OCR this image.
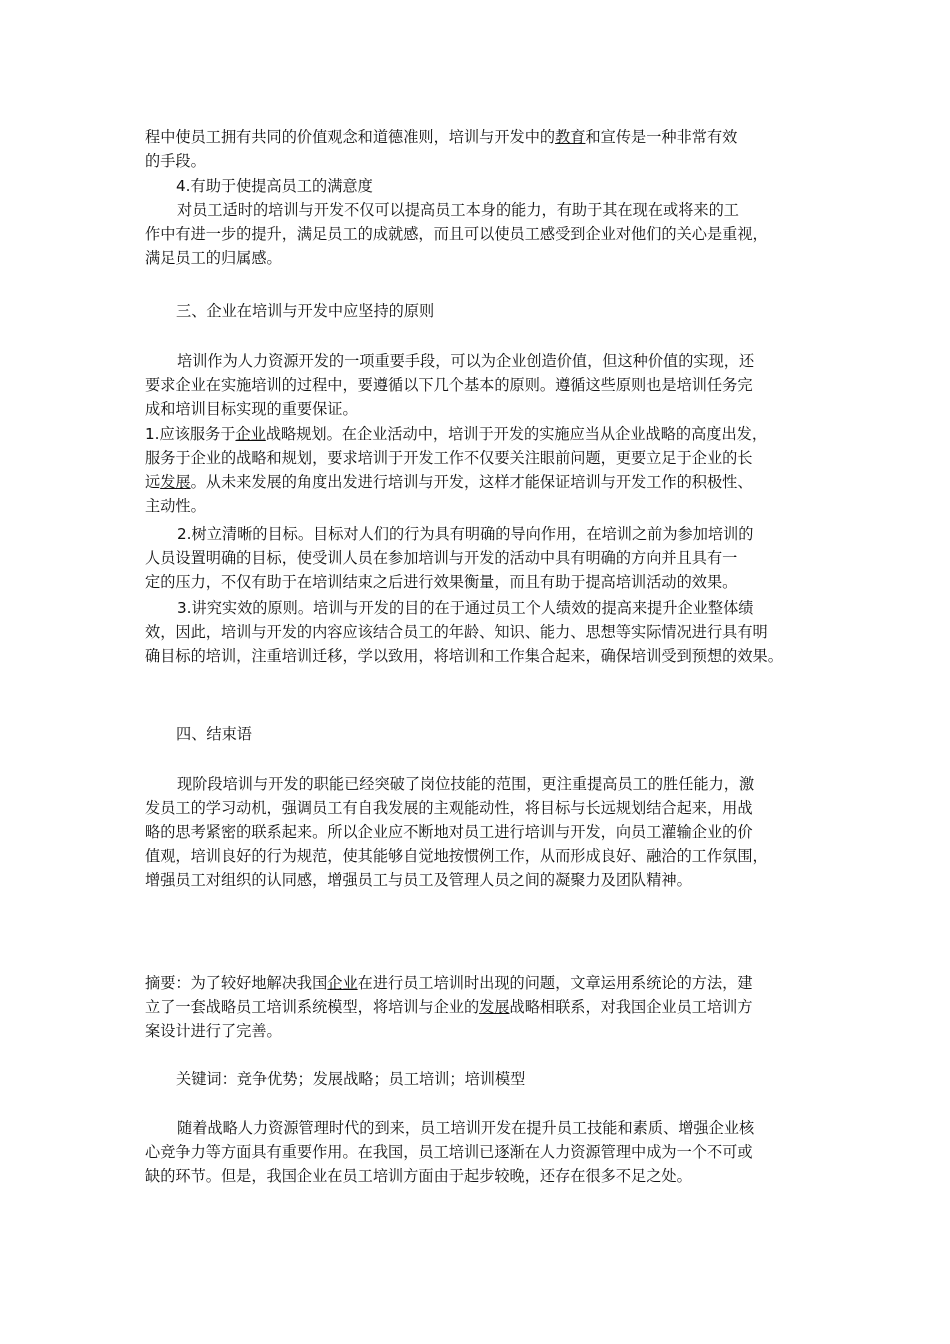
程中使员工拥有共同的价值观念和道德准则，培训与开发中的教育和宣传是一种非常有效
的手段。
4.有助于使提高员工的满意度
对员工适时的培训与开发不仅可以提高员工本身的能力，有助于其在现在或将来的工
作中有进一步的提升，满足员工的成就感，而且可以使员工感受到企业对他们的关心是重视，
满足员工的归属感。
三、企业在培训与开发中应坚持的原则
培训作为人力资源开发的一项重要手段，可以为企业创造价值，但这种价值的实现，还
要求企业在实施培训的过程中，要遵循以下几个基本的原则。遵循这些原则也是培训任务完
成和培训目标实现的重要保证。
1.应该服务于企业战略规划。在企业活动中，培训于开发的实施应当从企业战略的高度出发，
服务于企业的战略和规划，要求培训于开发工作不仅要关注眼前问题，更要立足于企业的长
远发展。从未来发展的角度出发进行培训与开发，这样才能保证培训与开发工作的积极性、
主动性。
2.树立清晰的目标。目标对人们的行为具有明确的导向作用，在培训之前为参加培训的
人员设置明确的目标，使受训人员在参加培训与开发的活动中具有明确的方向并且具有一
定的压力，不仅有助于在培训结束之后进行效果衡量，而且有助于提高培训活动的效果。
3.讲究实效的原则。培训与开发的目的在于通过员工个人绩效的提高来提升企业整体绩
效，因此，培训与开发的内容应该结合员工的年龄、知识、能力、思想等实际情况进行具有明
确目标的培训，注重培训迁移，学以致用，将培训和工作集合起来，确保培训受到预想的效果。
四、结束语
现阶段培训与开发的职能已经突破了岗位技能的范围，更注重提高员工的胜任能力，激
发员工的学习动机，强调员工有自我发展的主观能动性，将目标与长远规划结合起来，用战
略的思考紧密的联系起来。所以企业应不断地对员工进行培训与开发，向员工灌输企业的价
值观，培训良好的行为规范，使其能够自觉地按惯例工作，从而形成良好、融洽的工作氛围，
增强员工对组织的认同感，增强员工与员工及管理人员之间的凝聚力及团队精神。
摘要：为了较好地解决我国企业在进行员工培训时出现的问题，文章运用系统论的方法，建
立了一套战略员工培训系统模型，将培训与企业的发展战略相联系，对我国企业员工培训方
案设计进行了完善。
关键词：竞争优势；发展战略；员工培训；培训模型
随着战略人力资源管理时代的到来，员工培训开发在提升员工技能和素质、增强企业核
心竞争力等方面具有重要作用。在我国，员工培训已逐渐在人力资源管理中成为一个不可或
缺的环节。但是，我国企业在员工培训方面由于起步较晚，还存在很多不足之处。
